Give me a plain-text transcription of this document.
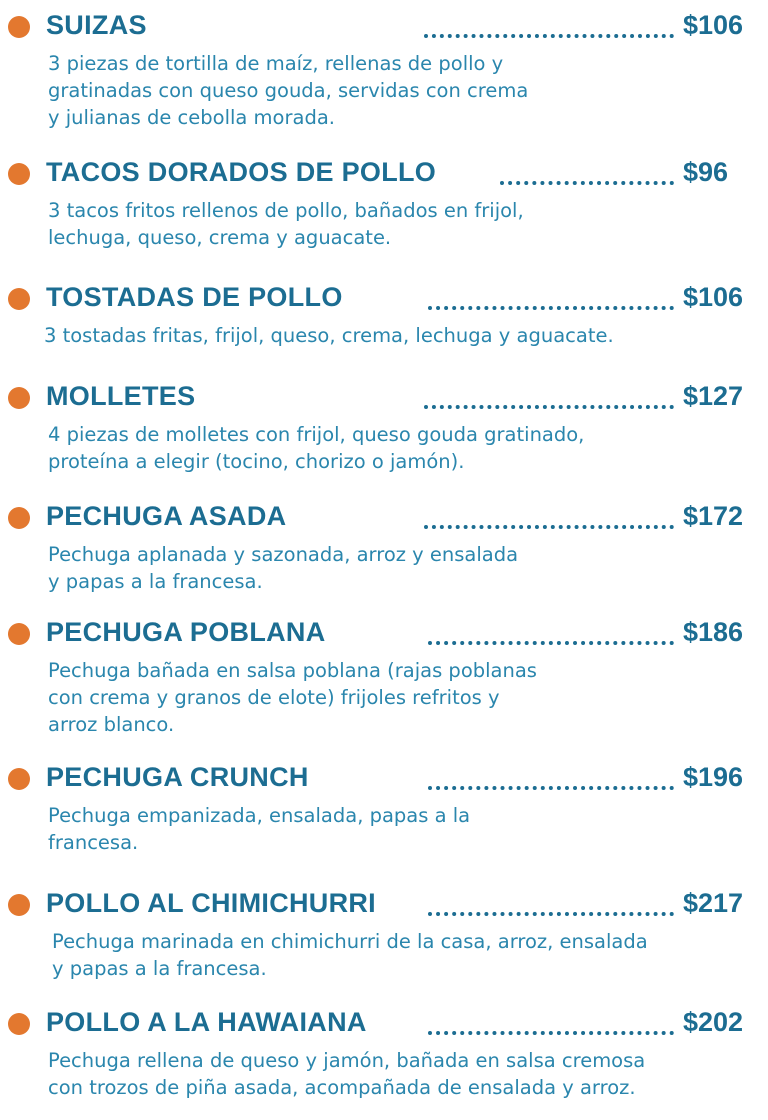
SUIZAS	$106
3 piezas de tortilla de maíz, rellenas de pollo y
gratinadas con queso gouda, servidas con crema
y julianas de cebolla morada.
TACOS DORADOS DE POLLO	$96
3 tacos fritos rellenos de pollo, bañados en frijol,
lechuga, queso, crema y aguacate.
TOSTADAS DE POLLO	$106
3 tostadas fritas, frijol, queso, crema, lechuga y aguacate.
MOLLETES	$127
4 piezas de molletes con frijol, queso gouda gratinado,
proteína a elegir (tocino, chorizo o jamón).
PECHUGA ASADA	$172
Pechuga aplanada y sazonada, arroz y ensalada
y papas a la francesa.
PECHUGA POBLANA	$186
Pechuga bañada en salsa poblana (rajas poblanas
con crema y granos de elote) frijoles refritos y
arroz blanco.
PECHUGA CRUNCH	$196
Pechuga empanizada, ensalada, papas a la
francesa.
POLLO AL CHIMICHURRI	$217
Pechuga marinada en chimichurri de la casa, arroz, ensalada
y papas a la francesa.
POLLO A LA HAWAIANA	$202
Pechuga rellena de queso y jamón, bañada en salsa cremosa
con trozos de piña asada, acompañada de ensalada y arroz.
